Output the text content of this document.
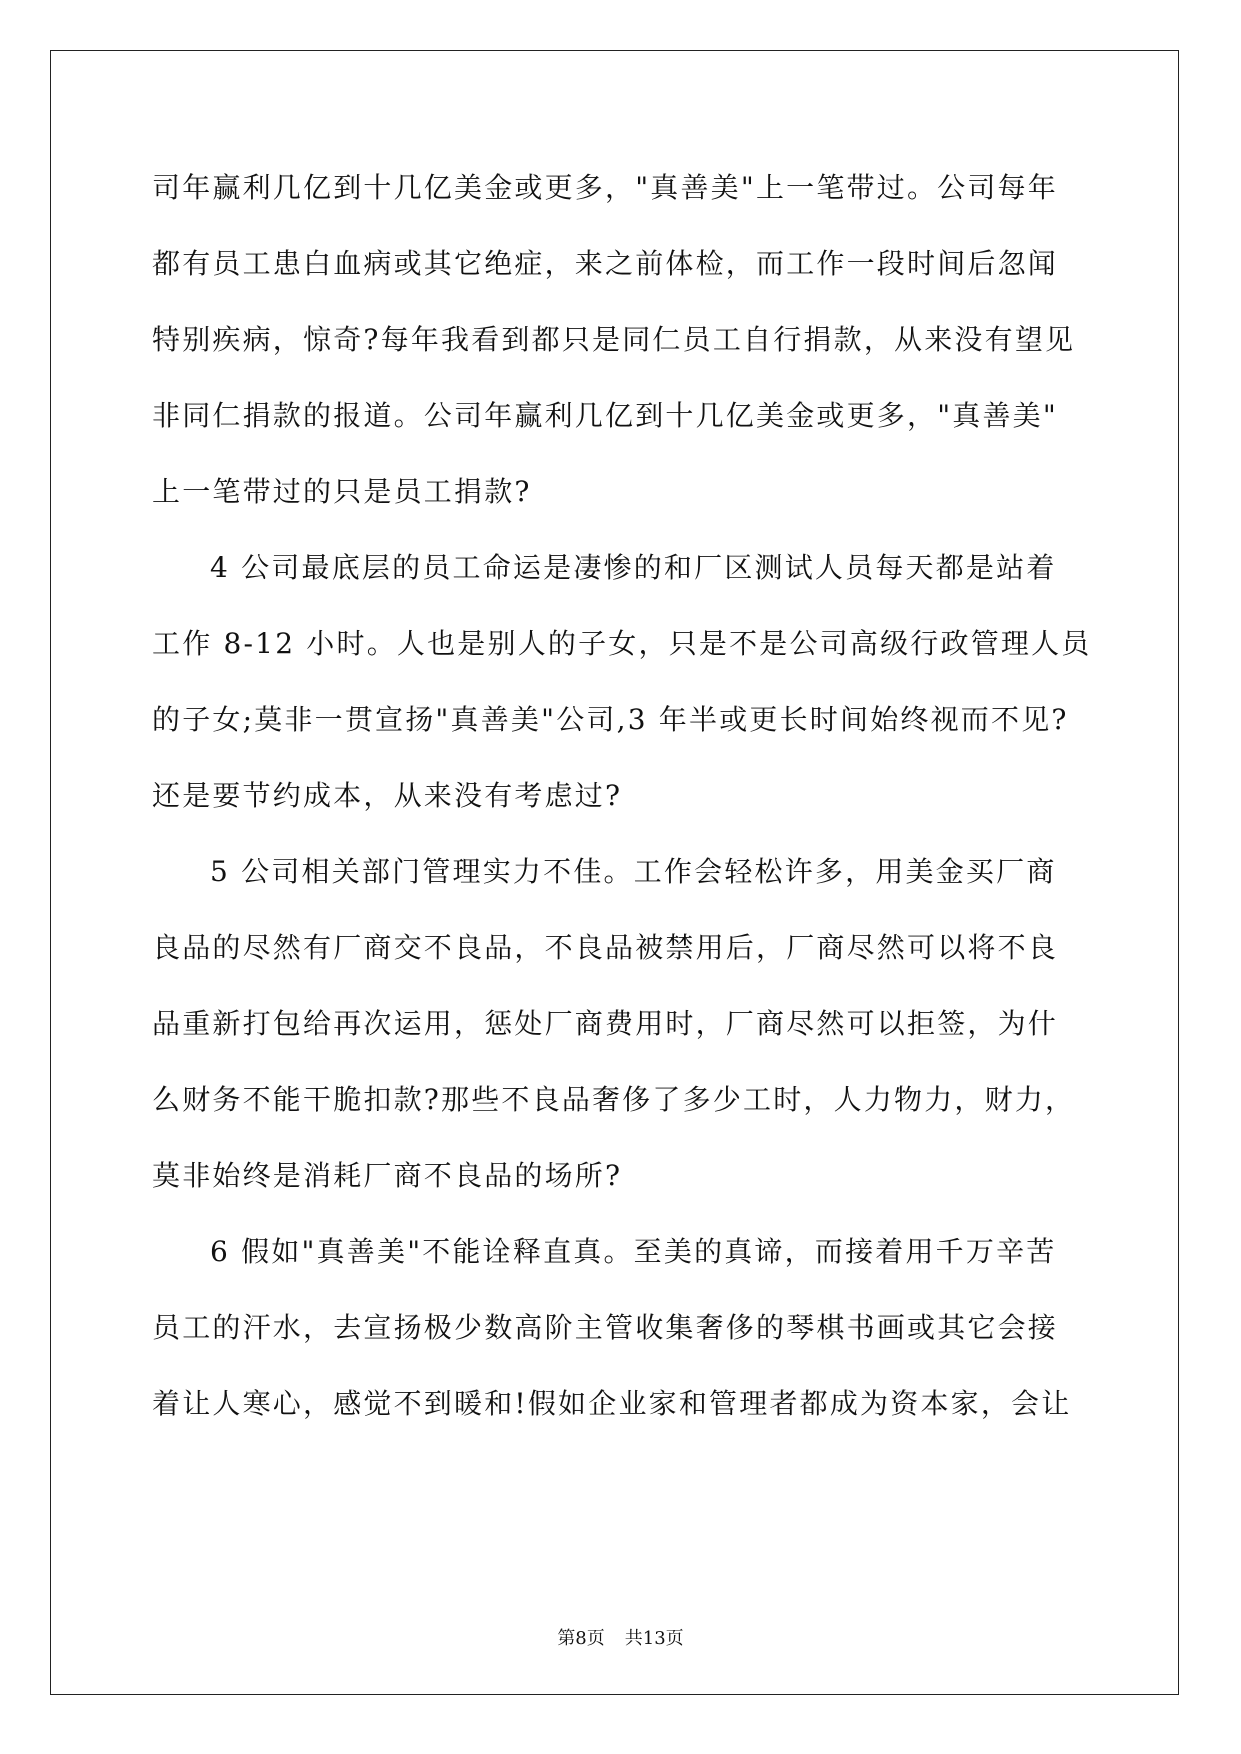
司年赢利几亿到十几亿美金或更多，"真善美"上一笔带过。公司每年
都有员工患白血病或其它绝症，来之前体检，而工作一段时间后忽闻
特别疾病，惊奇?每年我看到都只是同仁员工自行捐款，从来没有望见
非同仁捐款的报道。公司年赢利几亿到十几亿美金或更多，"真善美"
上一笔带过的只是员工捐款?
4 公司最底层的员工命运是凄惨的和厂区测试人员每天都是站着
工作 8-12 小时。人也是别人的子女，只是不是公司高级行政管理人员
的子女;莫非一贯宣扬"真善美"公司,3 年半或更长时间始终视而不见?
还是要节约成本，从来没有考虑过?
5 公司相关部门管理实力不佳。工作会轻松许多，用美金买厂商
良品的尽然有厂商交不良品，不良品被禁用后，厂商尽然可以将不良
品重新打包给再次运用，惩处厂商费用时，厂商尽然可以拒签，为什
么财务不能干脆扣款?那些不良品奢侈了多少工时，人力物力，财力，
莫非始终是消耗厂商不良品的场所?
6 假如"真善美"不能诠释直真。至美的真谛，而接着用千万辛苦
员工的汗水，去宣扬极少数高阶主管收集奢侈的琴棋书画或其它会接
着让人寒心，感觉不到暖和!假如企业家和管理者都成为资本家，会让
第8页 共13页
